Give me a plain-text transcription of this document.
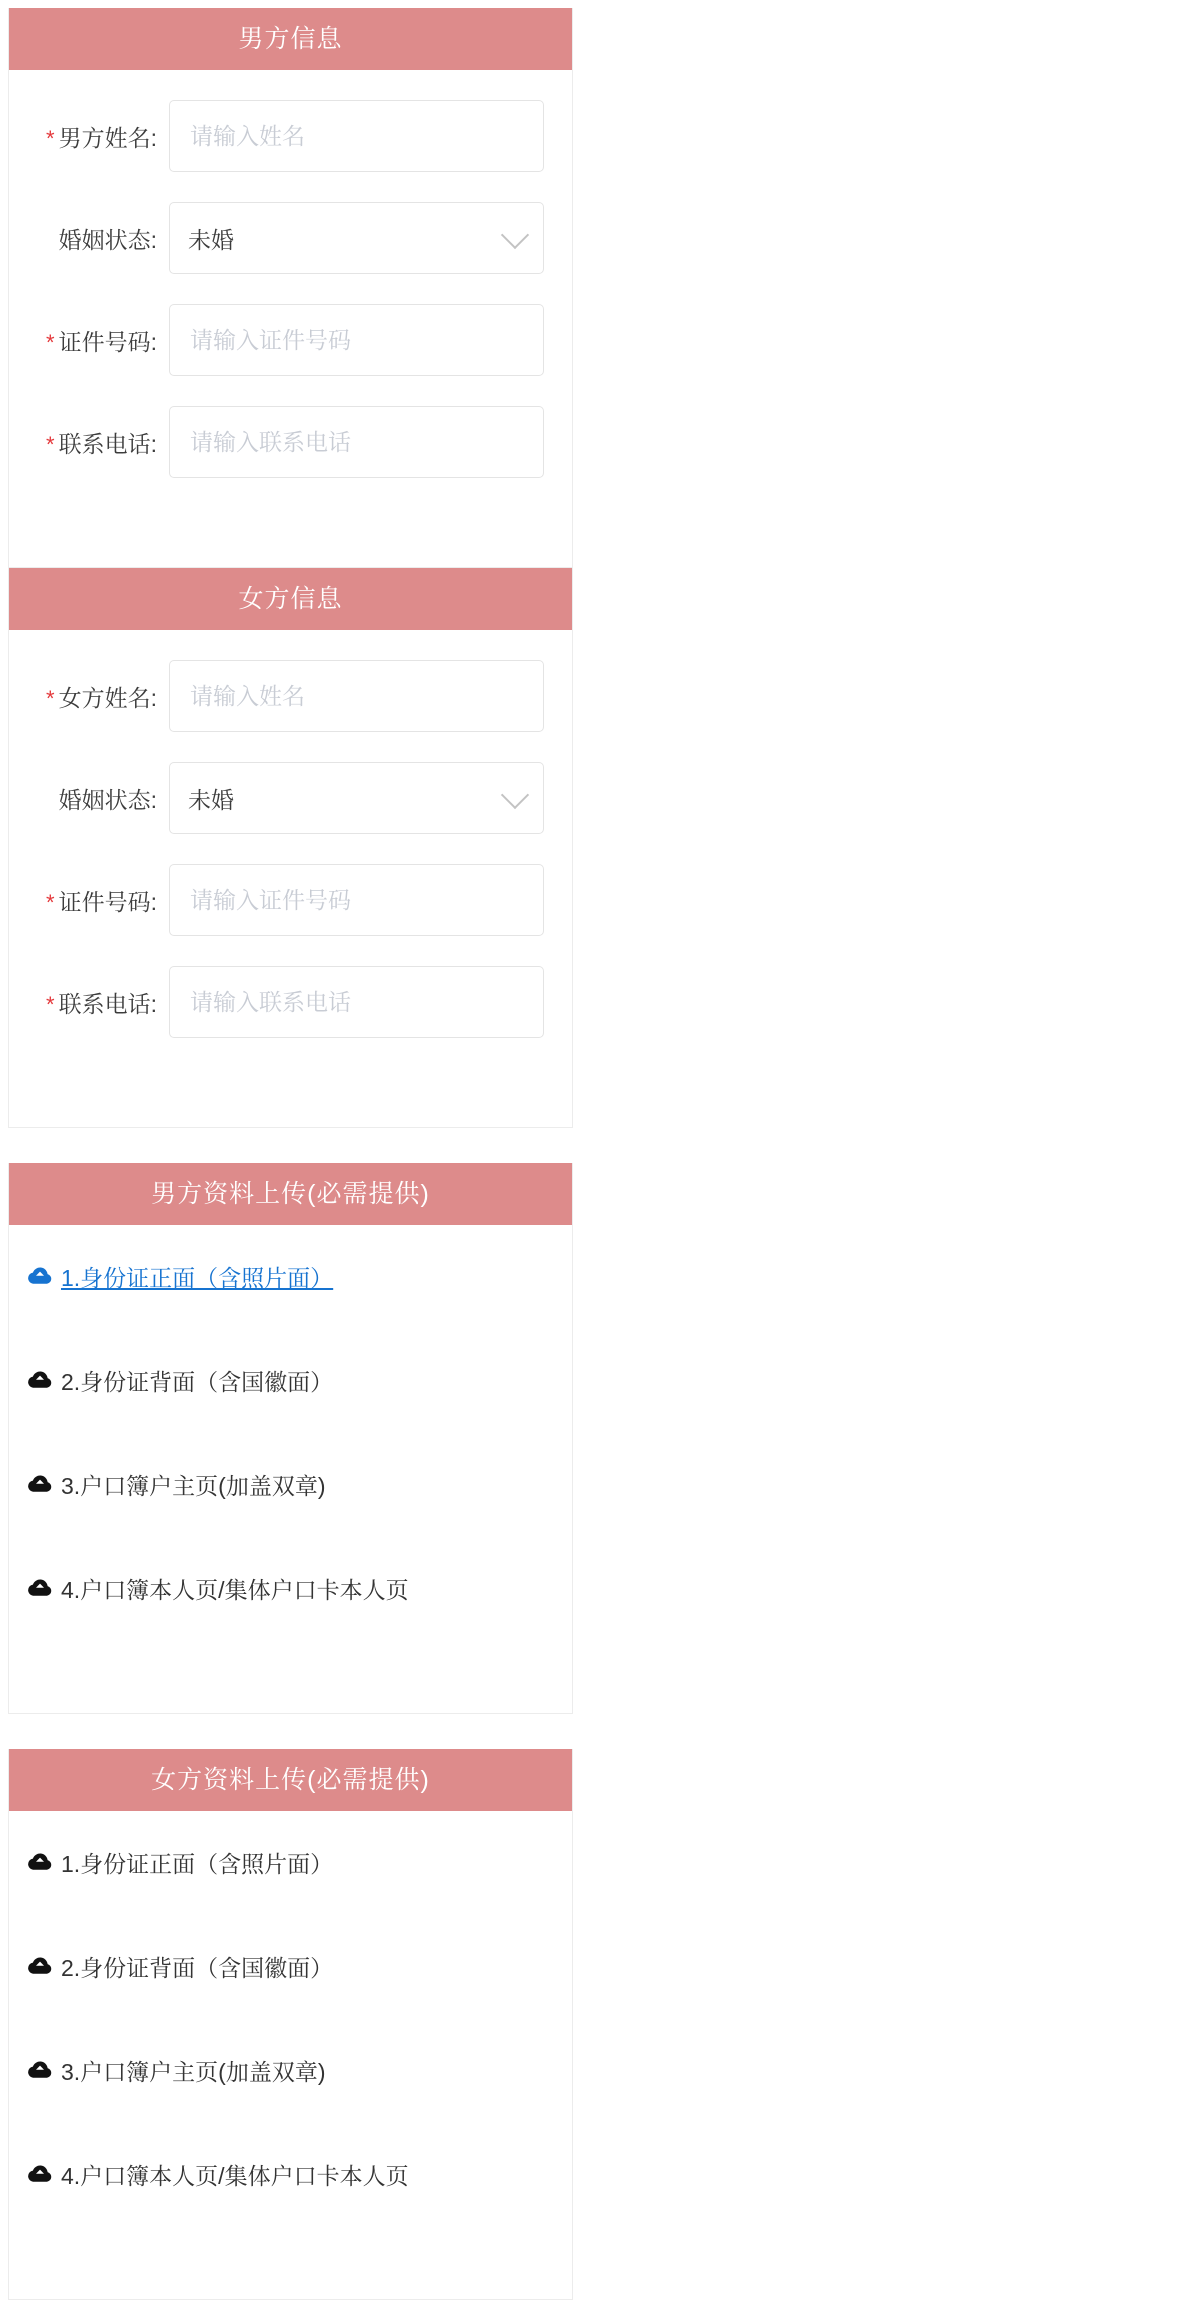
男方信息
* 男方姓名:
请输入姓名
婚姻状态:	未婚
* 证件号码:
请输入证件号码
* 联系电话:
请输入联系电话
女方信息
* 女方姓名:
请输入姓名
婚姻状态:	未婚
* 证件号码:
请输入证件号码
* 联系电话:
请输入联系电话
男方资料上传(必需提供)
1.身份证正面（含照片面）
2.身份证背面（含国徽面）
3.户口簿户主页(加盖双章)
4.户口簿本人页/集体户口卡本人页
女方资料上传(必需提供)
1.身份证正面（含照片面）
2.身份证背面（含国徽面）
3.户口簿户主页(加盖双章)
4.户口簿本人页/集体户口卡本人页
